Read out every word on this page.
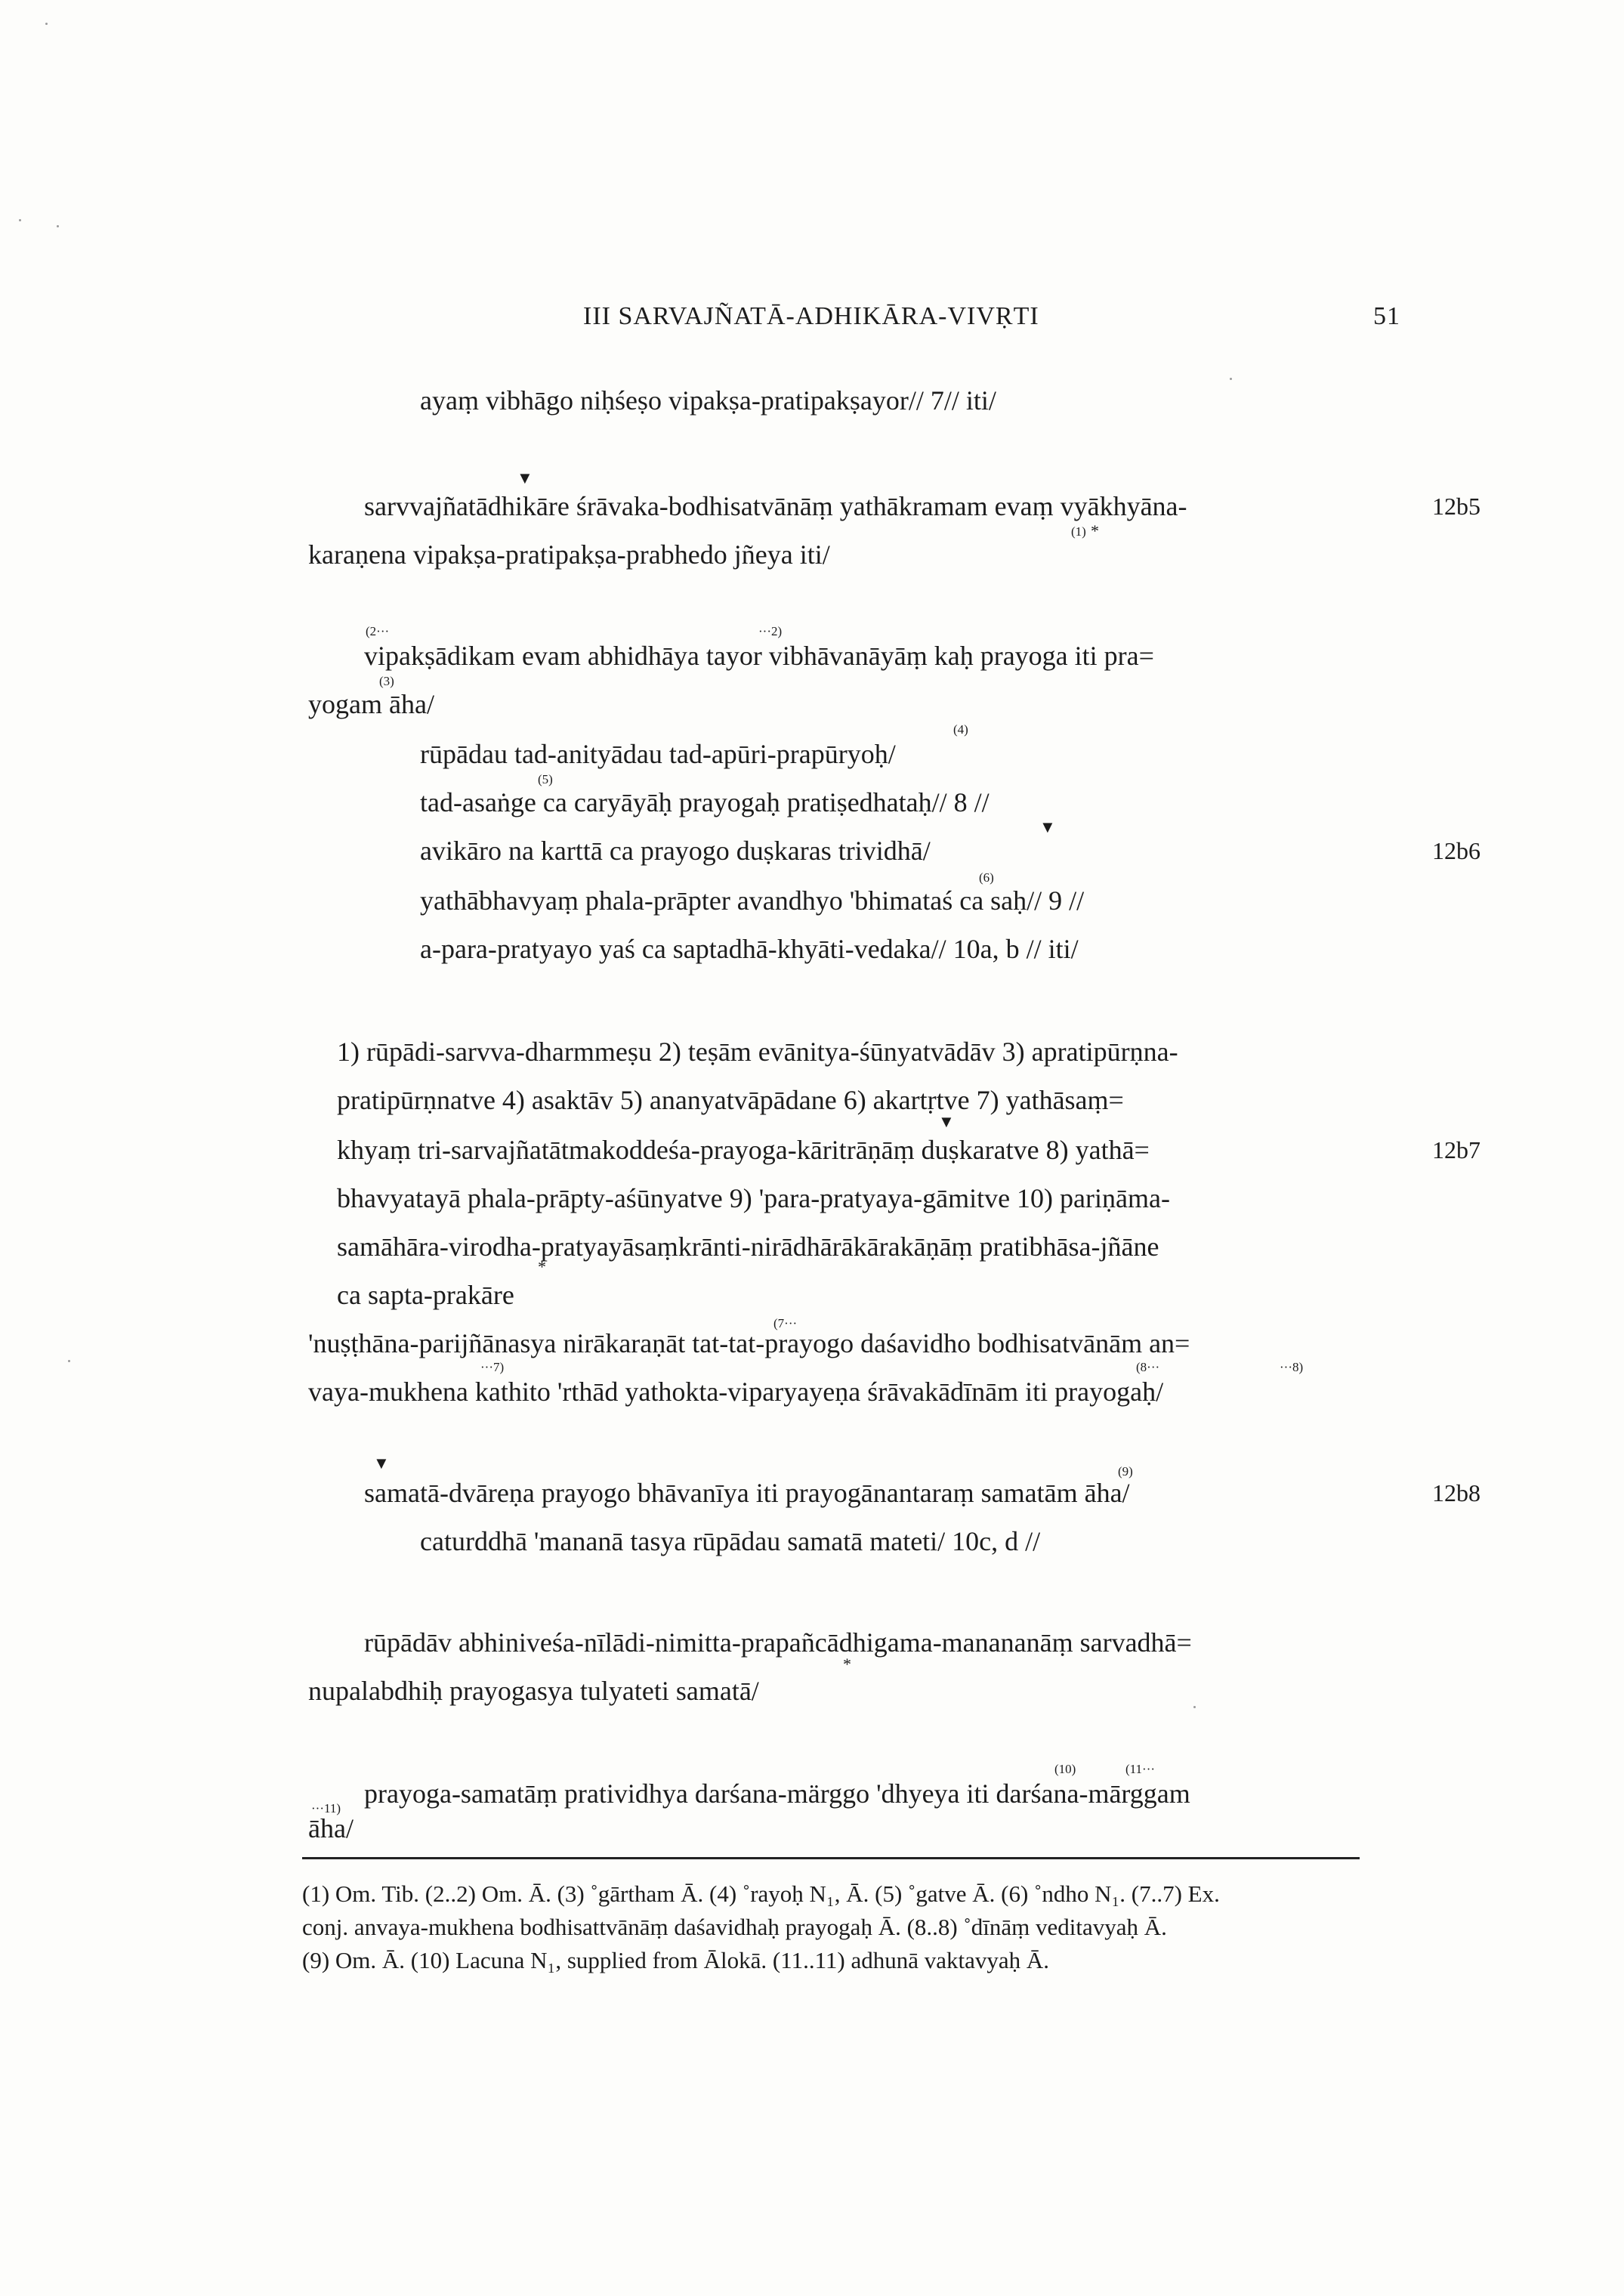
III SARVAJÑATĀ-ADHIKĀRA-VIVṚTI	51
ayaṃ vibhāgo niḥśeṣo vipakṣa-pratipakṣayor// 7// iti/
sarvvajñatādhikāre śrāvaka-bodhisatvānāṃ yathākramam evaṃ vyākhyāna-
karaṇena vipakṣa-pratipakṣa-prabhedo jñeya iti/
vipakṣādikam evam abhidhāya tayor vibhāvanāyāṃ kaḥ prayoga iti pra=
yogam āha/
rūpādau tad-anityādau tad-apūri-prapūryoḥ/
tad-asaṅge ca caryāyāḥ prayogaḥ pratiṣedhataḥ// 8 //
avikāro na karttā ca prayogo duṣkaras trividhā/
yathābhavyaṃ phala-prāpter avandhyo 'bhimataś ca saḥ// 9 //
a-para-pratyayo yaś ca saptadhā-khyāti-vedaka// 10a, b // iti/
1) rūpādi-sarvva-dharmmeṣu 2) teṣām evānitya-śūnyatvādāv 3) apratipūrṇna-
pratipūrṇnatve 4) asaktāv 5) ananyatvāpādane 6) akartṛtve 7) yathāsaṃ=
khyaṃ tri-sarvajñatātmakoddeśa-prayoga-kāritrāṇāṃ duṣkaratve 8) yathā=
bhavyatayā phala-prāpty-aśūnyatve 9) 'para-pratyaya-gāmitve 10) pariṇāma-
samāhāra-virodha-pratyayāsaṃkrānti-nirādhārākārakāṇāṃ pratibhāsa-jñāne
ca sapta-prakāre
'nuṣṭhāna-parijñānasya nirākaraṇāt tat-tat-prayogo daśavidho bodhisatvānām an=
vaya-mukhena kathito 'rthād yathokta-viparyayeṇa śrāvakādīnām iti prayogaḥ/
samatā-dvāreṇa prayogo bhāvanīya iti prayogānantaraṃ samatām āha/
caturddhā 'mananā tasya rūpādau samatā mateti/ 10c, d //
rūpādāv abhiniveśa-nīlādi-nimitta-prapañcādhigama-manananāṃ sarvadhā=
nupalabdhiḥ prayogasya tulyateti samatā/
prayoga-samatāṃ pratividhya darśana-märggo 'dhyeya iti darśana-mārggam
āha/
12b5
12b6
12b7
12b8
▼
(1) *
(2···	···2)
(3)
(4)
(5)
▼
(6)
▼
*
(7···
···7)	(8···	···8)
▼	(9)
*
(10)	(11···
···11)
(1) Om. Tib. (2..2) Om. Ā. (3) ˚gārtham Ā. (4) ˚rayoḥ N₁, Ā. (5) ˚gatve Ā. (6) ˚ndho N₁. (7..7) Ex.
conj. anvaya-mukhena bodhisattvānāṃ daśavidhaḥ prayogaḥ Ā. (8..8) ˚dīnāṃ veditavyaḥ Ā.
(9) Om. Ā. (10) Lacuna N₁, supplied from Ālokā. (11..11) adhunā vaktavyaḥ Ā.
